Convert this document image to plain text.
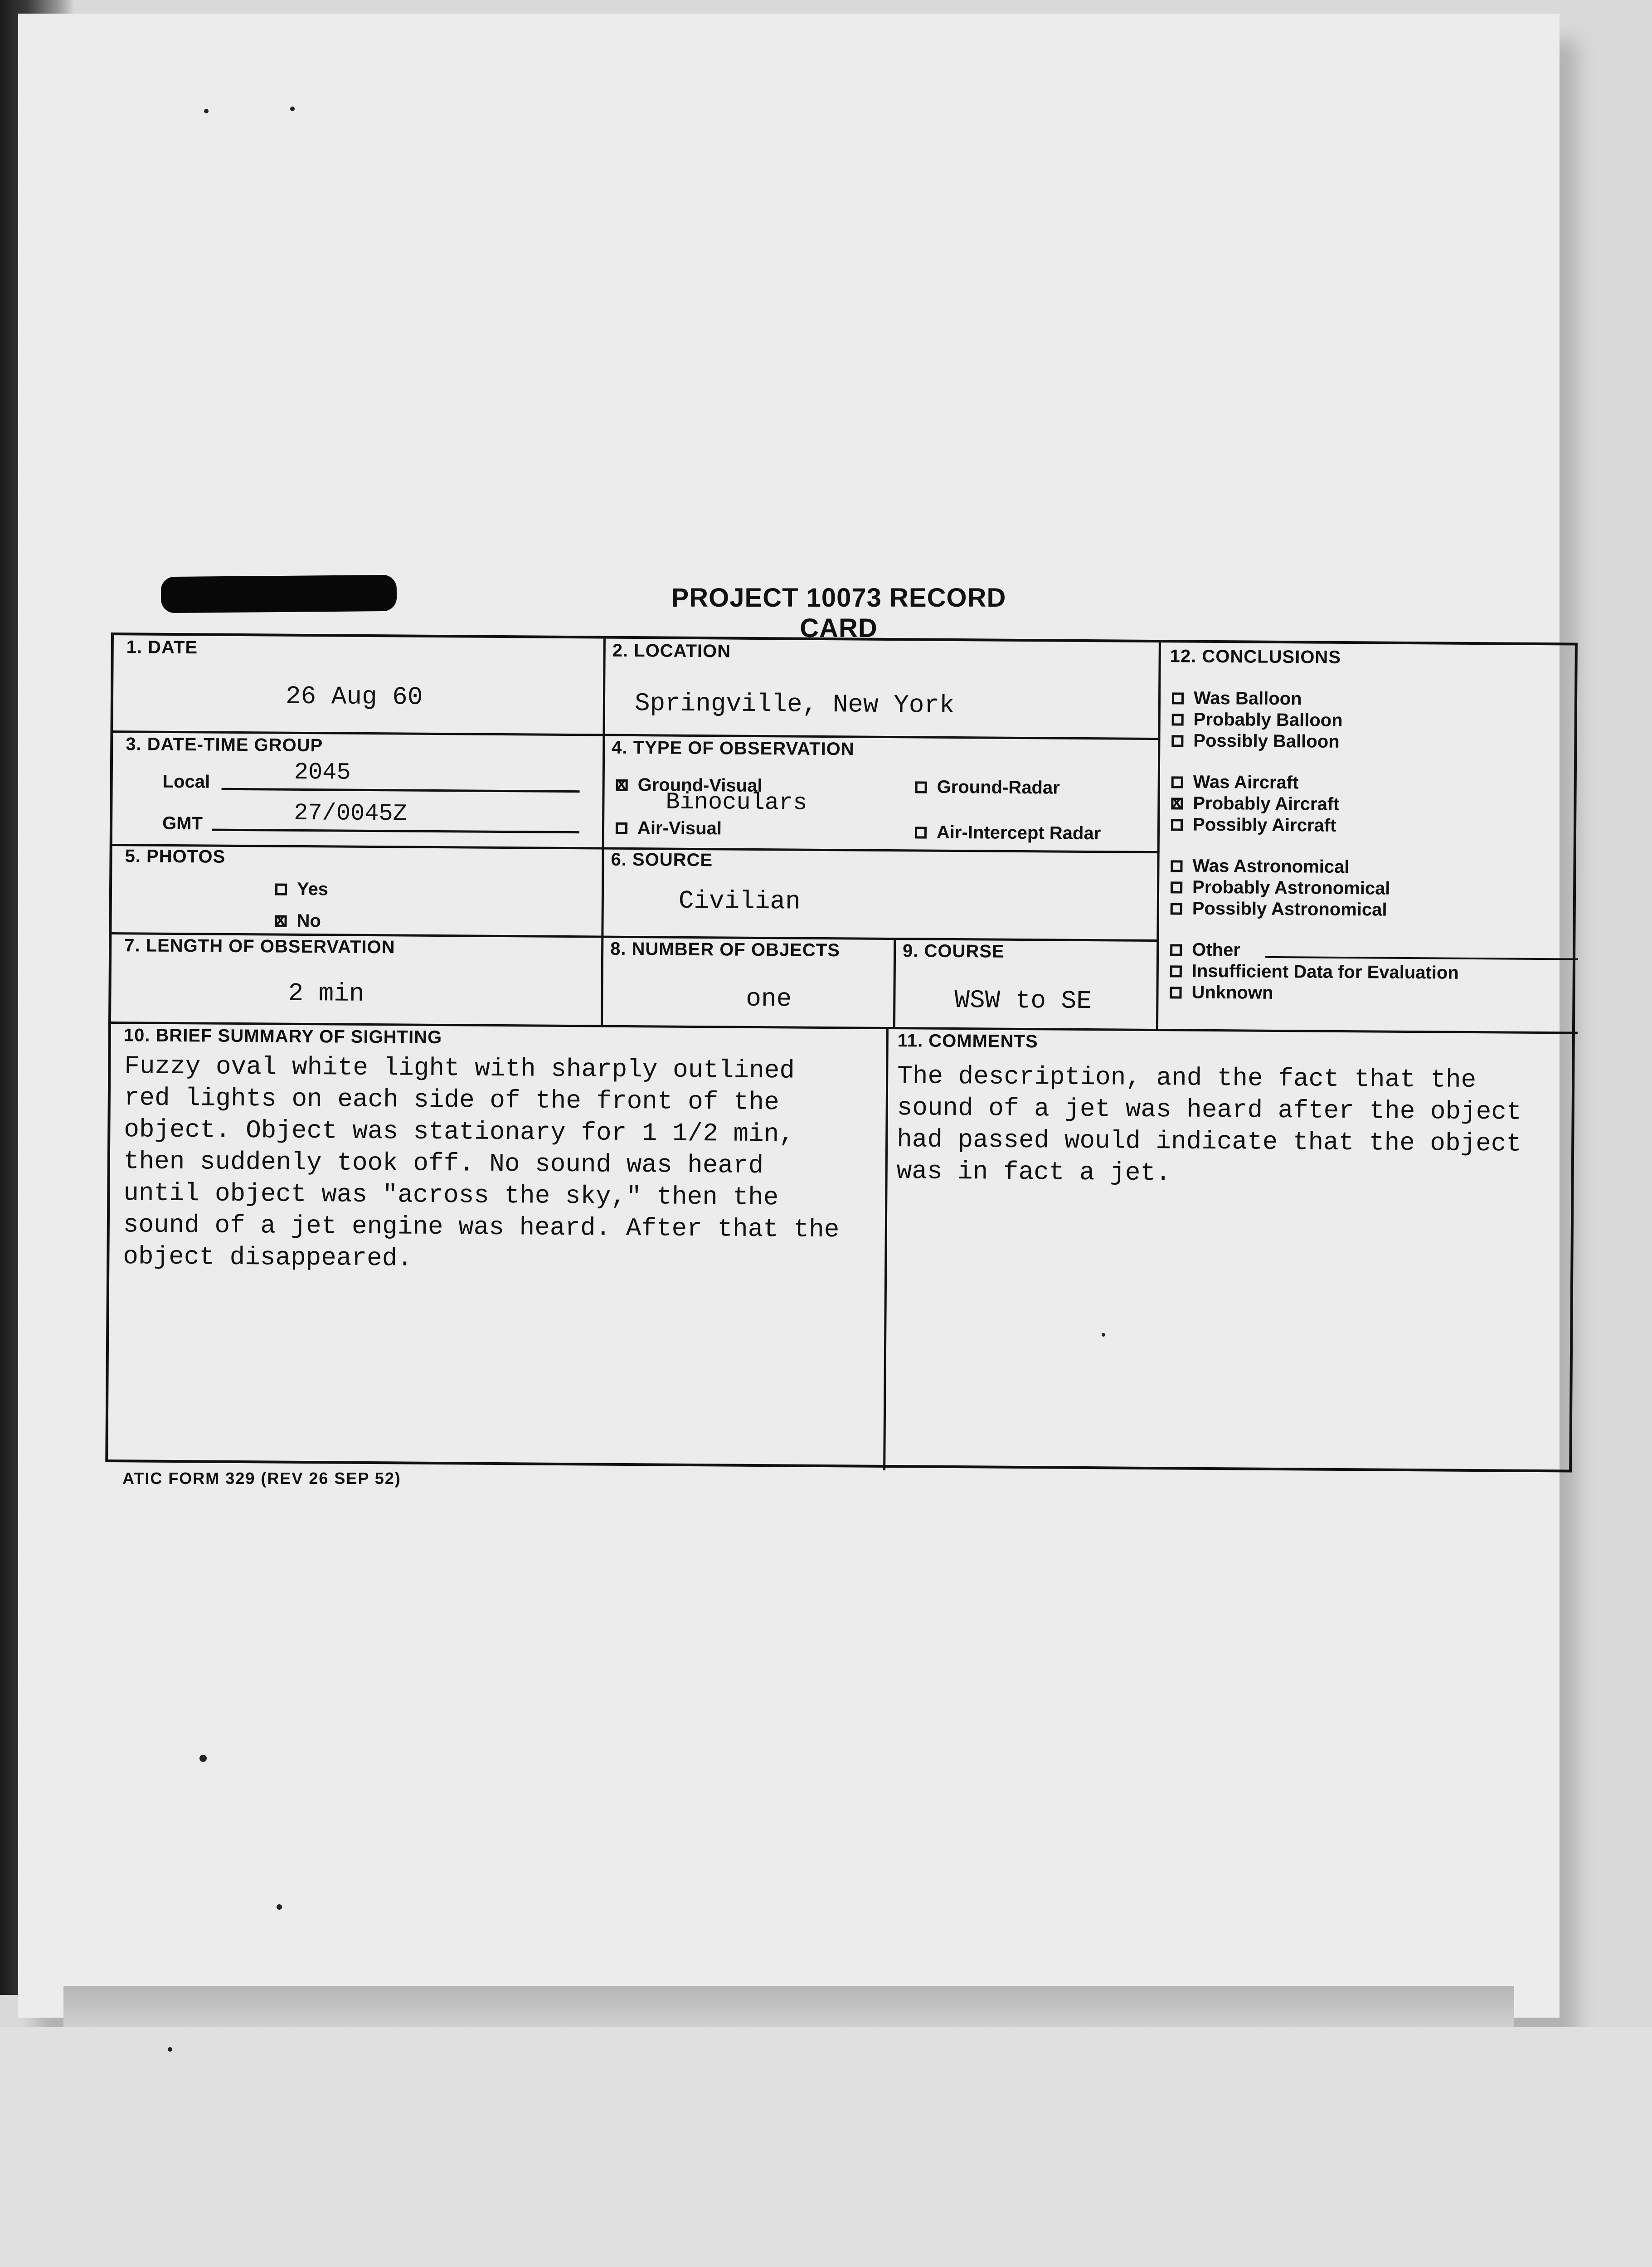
PROJECT 10073 RECORD CARD
1. DATE
26 Aug 60
2. LOCATION
Springville, New York
3. DATE-TIME GROUP
Local	2045
GMT	27/0045Z
4. TYPE OF OBSERVATION
x
Ground-Visual
Binoculars
Air-Visual
Ground-Radar
Air-Intercept Radar
5. PHOTOS
Yes
x
No
6. SOURCE
Civilian
7. LENGTH OF OBSERVATION
2 min
8. NUMBER OF OBJECTS
one
9. COURSE
WSW to SE
12. CONCLUSIONS
Was Balloon
Probably Balloon
Possibly Balloon
Was Aircraft
x
Probably Aircraft
Possibly Aircraft
Was Astronomical
Probably Astronomical
Possibly Astronomical
Other
Insufficient Data for Evaluation
Unknown
10. BRIEF SUMMARY OF SIGHTING
Fuzzy oval white light with sharply outlined
red lights on each side of the front of the
object. Object was stationary for 1 1/2 min,
then suddenly took off. No sound was heard
until object was "across the sky," then the
sound of a jet engine was heard. After that the
object disappeared.
11. COMMENTS
The description, and the fact that the
sound of a jet was heard after the object
had passed would indicate that the object
was in fact a jet.
ATIC FORM 329 (REV 26 SEP 52)
